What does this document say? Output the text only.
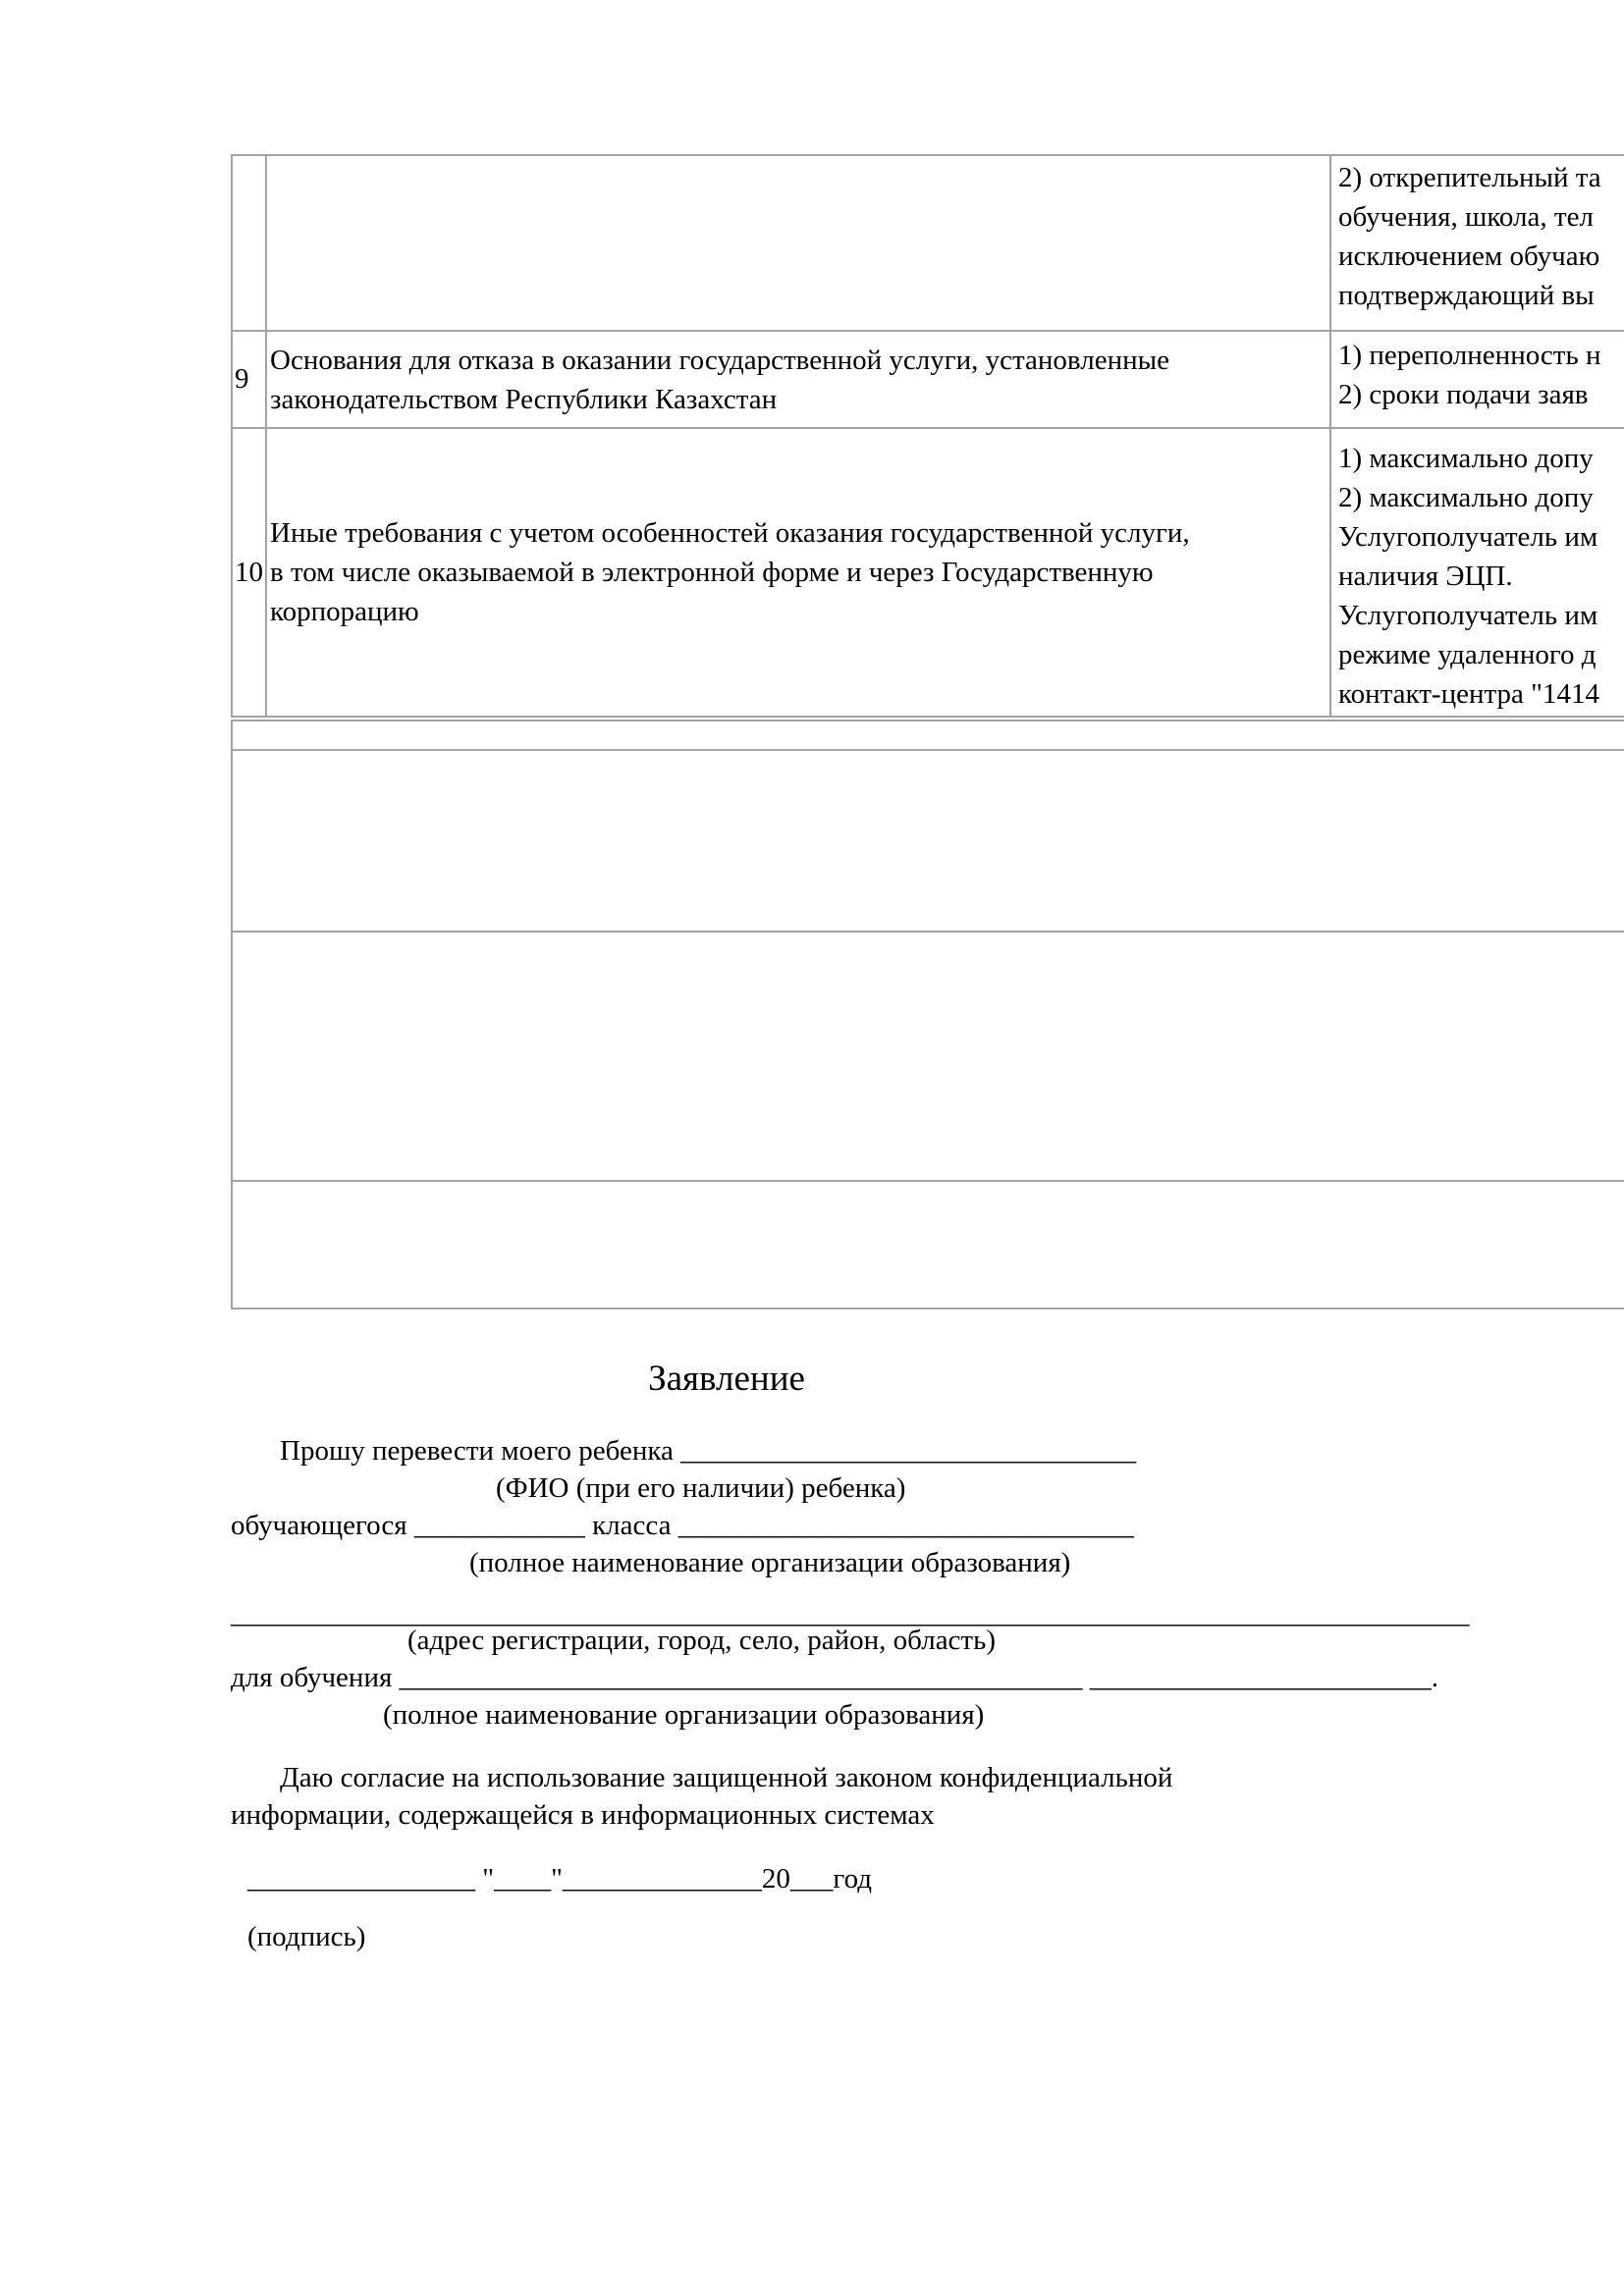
2) открепительный та
обучения, школа, тел
исключением обучаю
подтверждающий вы
9
Основания для отказа в оказании государственной услуги, установленные
законодательством Республики Казахстан
1) переполненность н
2) сроки подачи заяв
10
Иные требования с учетом особенностей оказания государственной услуги,
в том числе оказываемой в электронной форме и через Государственную
корпорацию
1) максимально допу
2) максимально допу
Услугополучатель им
наличия ЭЦП.
Услугополучатель им
режиме удаленного д
контакт-центра "1414
Заявление
Прошу перевести моего ребенка ________________________________
(ФИО (при его наличии) ребенка)
обучающегося ____________ класса ________________________________
(полное наименование организации образования)
_______________________________________________________________________________________
(адрес регистрации, город, село, район, область)
для обучения ________________________________________________ ________________________.
(полное наименование организации образования)
Даю согласие на использование защищенной законом конфиденциальной
информации, содержащейся в информационных системах
________________ "____"______________20___год
(подпись)
